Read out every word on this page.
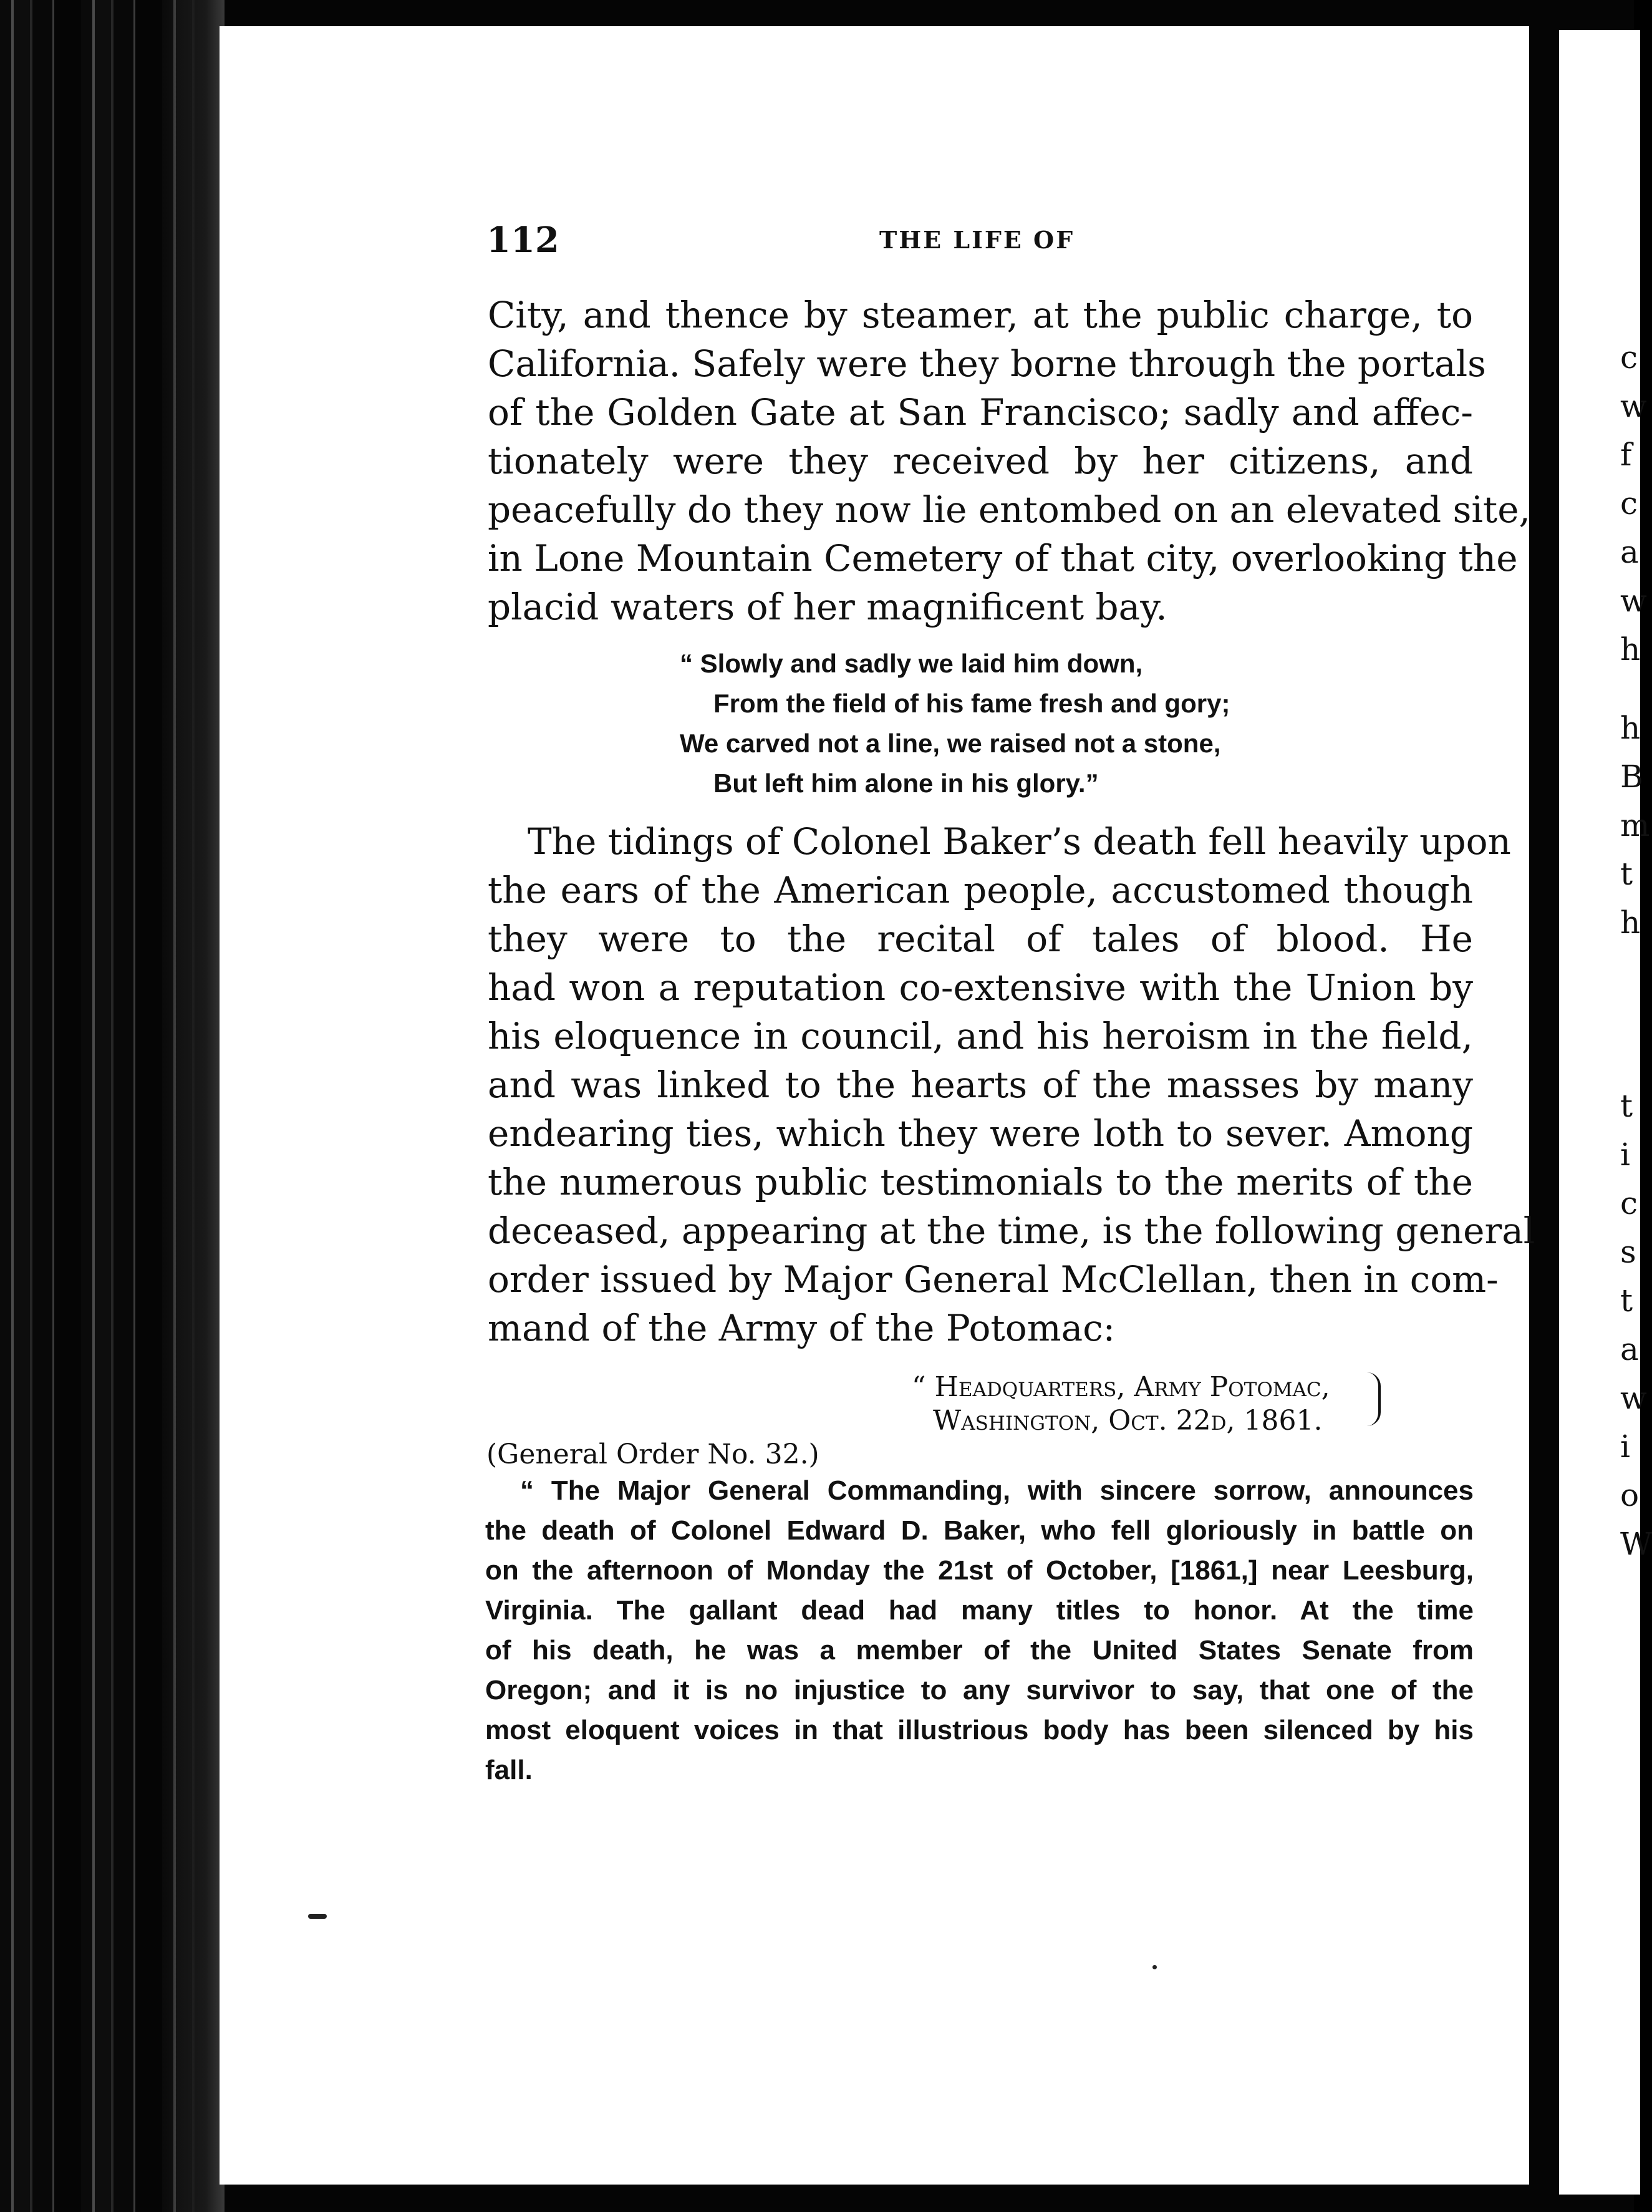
c
w
f
c
a
w
h
h
B
m
t
h
t
i
c
s
t
a
w
i
o
W
112	THE LIFE OF
City, and thence by steamer, at the public charge, to
California. Safely were they borne through the portals
of the Golden Gate at San Francisco; sadly and affec-
tionately were they received by her citizens, and
peacefully do they now lie entombed on an elevated site,
in Lone Mountain Cemetery of that city, overlooking the
placid waters of her magnificent bay.
“ Slowly and sadly we laid him down,
From the field of his fame fresh and gory;
We carved not a line, we raised not a stone,
But left him alone in his glory.”
The tidings of Colonel Baker’s death fell heavily upon
the ears of the American people, accustomed though
they were to the recital of tales of blood. He
had won a reputation co-extensive with the Union by
his eloquence in council, and his heroism in the field,
and was linked to the hearts of the masses by many
endearing ties, which they were loth to sever. Among
the numerous public testimonials to the merits of the
deceased, appearing at the time, is the following general
order issued by Major General McClellan, then in com-
mand of the Army of the Potomac:
“ Headquarters, Army Potomac,
Washington, Oct. 22d, 1861.
(General Order No. 32.)
“ The Major General Commanding, with sincere sorrow, announces
the death of Colonel Edward D. Baker, who fell gloriously in battle on
on the afternoon of Monday the 21st of October, [1861,] near Leesburg,
Virginia. The gallant dead had many titles to honor. At the time
of his death, he was a member of the United States Senate from
Oregon; and it is no injustice to any survivor to say, that one of the
most eloquent voices in that illustrious body has been silenced by his
fall.
